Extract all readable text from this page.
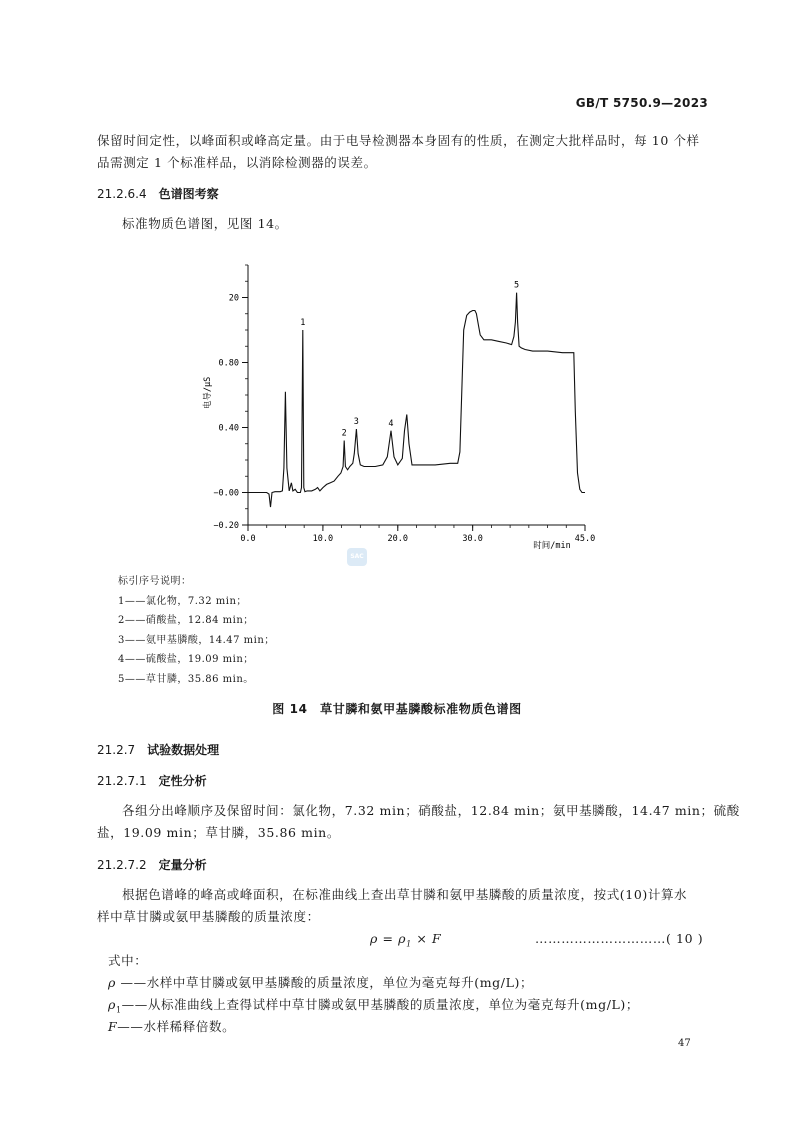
GB/T 5750.9—2023
保留时间定性，以峰面积或峰高定量。由于电导检测器本身固有的性质，在测定大批样品时，每 10 个样
品需测定 1 个标准样品，以消除检测器的误差。
21.2.6.4 色谱图考察
标准物质色谱图，见图 14。
−0.20
−0.00
0.40
0.80
20
0.0	10.0	20.0	30.0	45.0
1
2
3	4
5
电导/μS
时间/min
SAC
标引序号说明：
1——氯化物，7.32 min；
2——硝酸盐，12.84 min；
3——氨甲基膦酸，14.47 min；
4——硫酸盐，19.09 min；
5——草甘膦，35.86 min。
图 14　草甘膦和氨甲基膦酸标准物质色谱图
21.2.7 试验数据处理
21.2.7.1 定性分析
各组分出峰顺序及保留时间：氯化物，7.32 min；硝酸盐，12.84 min；氨甲基膦酸，14.47 min；硫酸
盐，19.09 min；草甘膦，35.86 min。
21.2.7.2 定量分析
根据色谱峰的峰高或峰面积，在标准曲线上查出草甘膦和氨甲基膦酸的质量浓度，按式(10)计算水
样中草甘膦或氨甲基膦酸的质量浓度：
$\rho = \rho_1 \times F$	…………………………( 10 )
式中：
ρ ——水样中草甘膦或氨甲基膦酸的质量浓度，单位为毫克每升(mg/L)；
$\rho_1——$从标准曲线上查得试样中草甘膦或氨甲基膦酸的质量浓度，单位为毫克每升(mg/L)；
F——水样稀释倍数。
47
